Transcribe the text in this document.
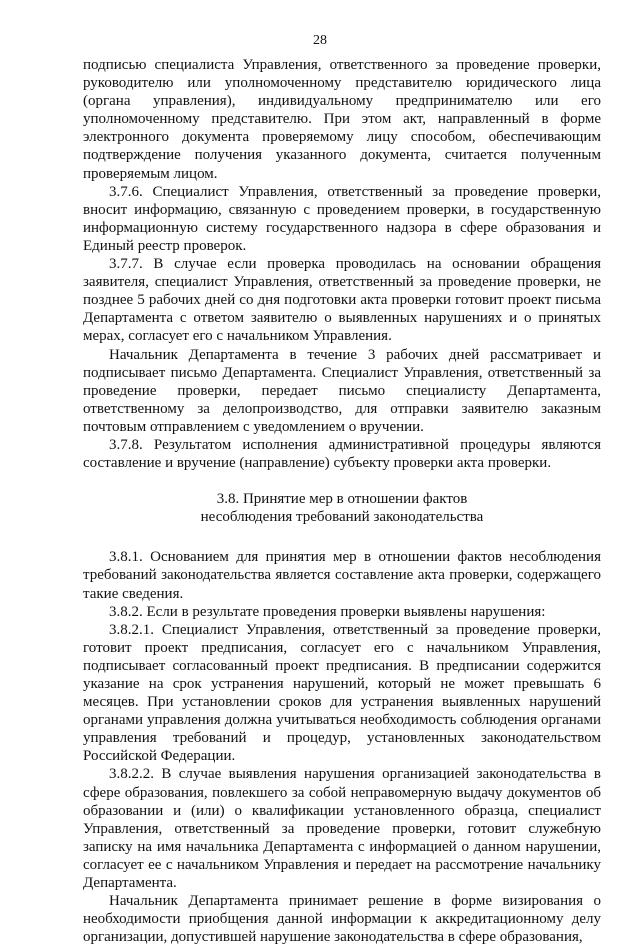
28

подписью специалиста Управления, ответственного за проведение проверки, руководителю или уполномоченному представителю юридического лица (органа управления), индивидуальному предпринимателю или его уполномоченному представителю. При этом акт, направленный в форме электронного документа проверяемому лицу способом, обеспечивающим подтверждение получения указанного документа, считается полученным проверяемым лицом.

3.7.6. Специалист Управления, ответственный за проведение проверки, вносит информацию, связанную с проведением проверки, в государственную информационную систему государственного надзора в сфере образования и Единый реестр проверок.

3.7.7. В случае если проверка проводилась на основании обращения заявителя, специалист Управления, ответственный за проведение проверки, не позднее 5 рабочих дней со дня подготовки акта проверки готовит проект письма Департамента с ответом заявителю о выявленных нарушениях и о принятых мерах, согласует его с начальником Управления.

Начальник Департамента в течение 3 рабочих дней рассматривает и подписывает письмо Департамента. Специалист Управления, ответственный за проведение проверки, передает письмо специалисту Департамента, ответственному за делопроизводство, для отправки заявителю заказным почтовым отправлением с уведомлением о вручении.

3.7.8. Результатом исполнения административной процедуры являются составление и вручение (направление) субъекту проверки акта проверки.

3.8. Принятие мер в отношении фактов

несоблюдения требований законодательства

3.8.1. Основанием для принятия мер в отношении фактов несоблюдения требований законодательства является составление акта проверки, содержащего такие сведения.

3.8.2. Если в результате проведения проверки выявлены нарушения:

3.8.2.1. Специалист Управления, ответственный за проведение проверки, готовит проект предписания, согласует его с начальником Управления, подписывает согласованный проект предписания. В предписании содержится указание на срок устранения нарушений, который не может превышать 6 месяцев. При установлении сроков для устранения выявленных нарушений органами управления должна учитываться необходимость соблюдения органами управления требований и процедур, установленных законодательством Российской Федерации.

3.8.2.2. В случае выявления нарушения организацией законодательства в сфере образования, повлекшего за собой неправомерную выдачу документов об образовании и (или) о квалификации установленного образца, специалист Управления, ответственный за проведение проверки, готовит служебную записку на имя начальника Департамента с информацией о данном нарушении, согласует ее с начальником Управления и передает на рассмотрение начальнику Департамента.

Начальник Департамента принимает решение в форме визирования о необходимости приобщения данной информации к аккредитационному делу организации, допустившей нарушение законодательства в сфере образования,
